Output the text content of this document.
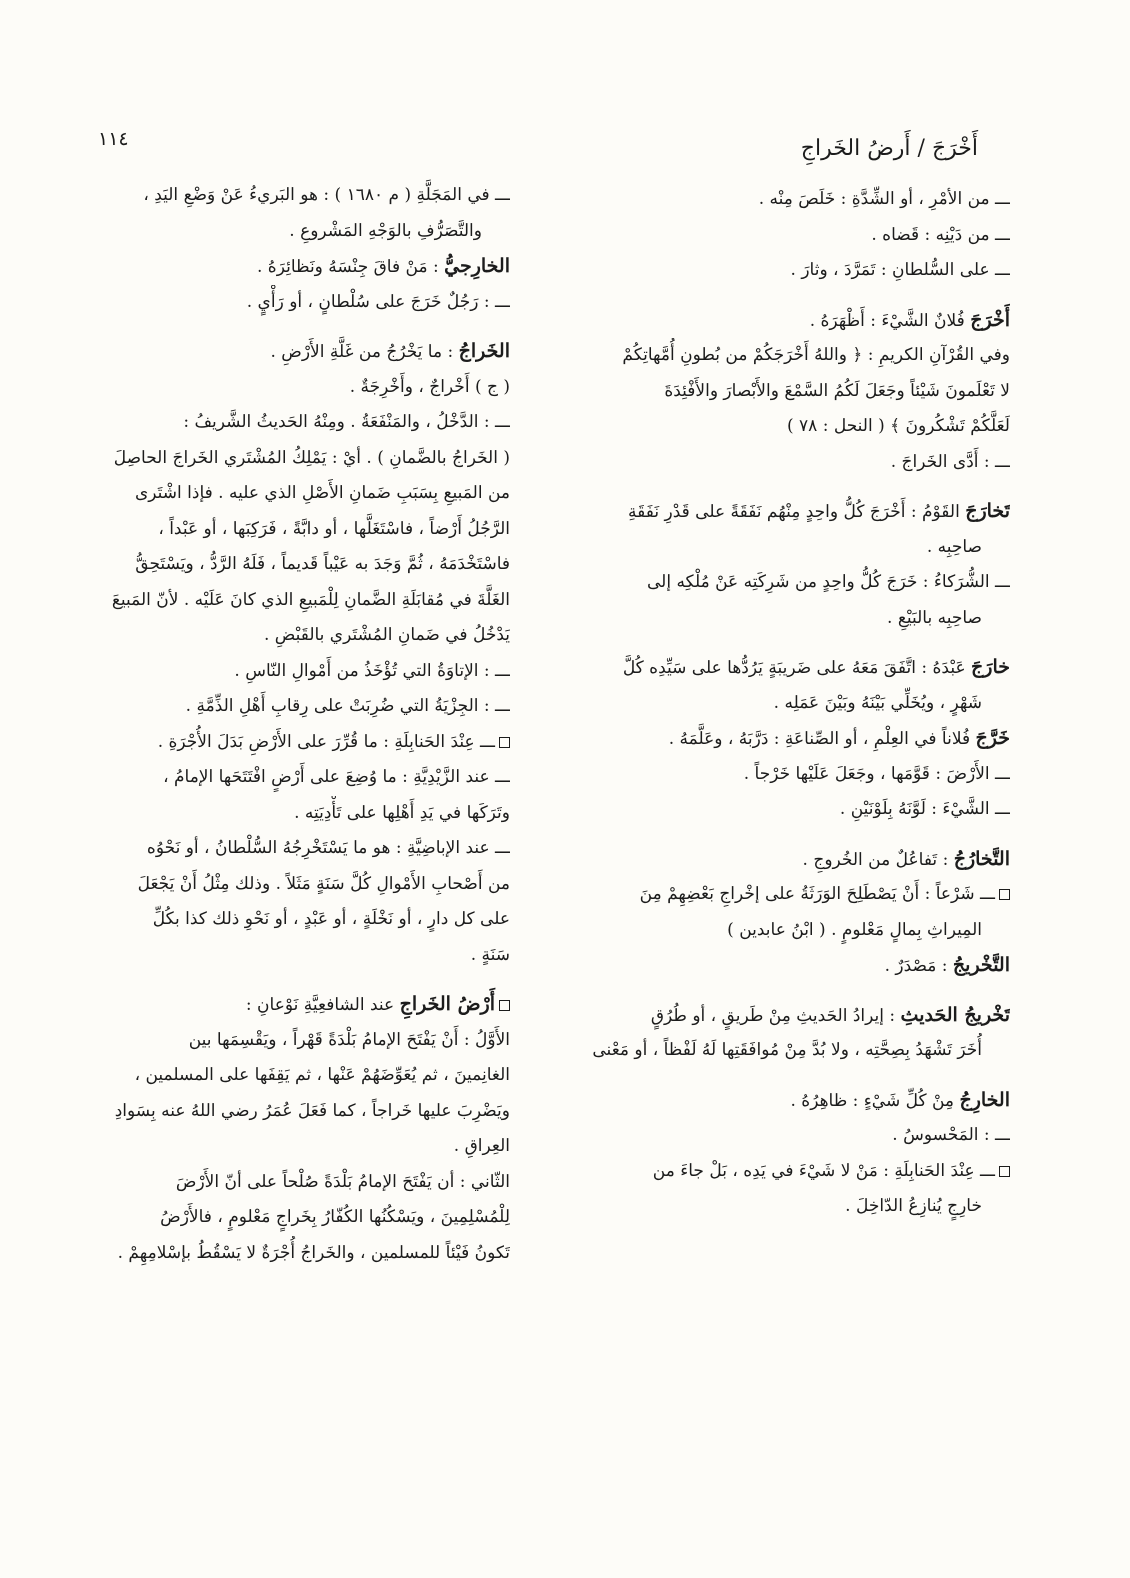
١١٤	أَخْرَجَ / أَرضُ الخَراجِ
ـــ من الأمْرِ ، أو الشِّدَّةِ : خَلَصَ مِنْه .
ـــ من دَيْنِه : قَضاه .
ـــ على السُّلطانِ : تَمَرَّدَ ، وثارَ .
أَخْرَجَ فُلانٌ الشَّيْءَ : أَظْهَرَهُ .
وفي القُرْآنِ الكريمِ : ﴿ واللهُ أَخْرَجَكُمْ من بُطونِ أُمَّهاتِكُمْ
لا تَعْلَمونَ شَيْئاً وجَعَلَ لَكُمُ السَّمْعَ والأَبْصارَ والأَفْئِدَةَ
لَعَلَّكُمْ تَشْكُرونَ ﴾ ( النحل : ٧٨ )
ـــ : أَدَّى الخَراجَ .
تَخارَجَ القَوْمُ : أَخْرَجَ كُلُّ واحِدٍ مِنْهُم نَفَقَةً على قَدْرِ نَفَقَةِ
صاحِبِه .
ـــ الشُّرَكاءُ : خَرَجَ كُلُّ واحِدٍ من شَرِكَتِه عَنْ مُلْكِه إلى
صاحِبِه بالبَيْعِ .
خارَجَ عَبْدَهُ : اتَّفَقَ مَعَهُ على ضَريبَةٍ يَرُدُّها على سَيِّدِه كُلَّ
شَهْرٍ ، ويُخَلِّي بَيْنَهُ وبَيْنَ عَمَلِه .
خَرَّجَ فُلاناً في العِلْمِ ، أو الصِّناعَةِ : دَرَّبَهُ ، وعَلَّمَهُ .
ـــ الأَرْضَ : قَوَّمَها ، وجَعَلَ عَلَيْها خَرْجاً .
ـــ الشَّيْءَ : لَوَّنَهُ بِلَوْنَيْنِ .
التَّخارُجُ : تَفاعُلٌ من الخُروجِ .
ـــ شَرْعاً : أَنْ يَصْطَلِحَ الوَرَثَةُ على إخْراجِ بَعْضِهِمْ مِنَ
المِيراثِ بِمالٍ مَعْلومٍ . ( ابْنُ عابدين )
التَّخْريجُ : مَصْدَرٌ .
تَخْريجُ الحَديثِ : إيرادُ الحَديثِ مِنْ طَريقٍ ، أو طُرُقٍ
أُخَرَ تَشْهَدُ بِصِحَّتِه ، ولا بُدَّ مِنْ مُوافَقَتِها لَهُ لَفْظاً ، أو مَعْنى
الخارِجُ مِنْ كُلِّ شَيْءٍ : ظاهِرُهُ .
ـــ : المَحْسوسُ .
ـــ عِنْدَ الحَنابِلَةِ : مَنْ لا شَيْءَ في يَدِه ، بَلْ جاءَ من
خارِجٍ يُنازِعُ الدّاخِلَ .
ـــ في المَجَلَّةِ ( م ١٦٨٠ ) : هو البَريءُ عَنْ وَضْعِ اليَدِ ،
والتَّصَرُّفِ بالوَجْهِ المَشْروعِ .
الخارِجيُّ : مَنْ فاقَ جِنْسَهُ ونَظائِرَهُ .
ـــ : رَجُلٌ خَرَجَ على سُلْطانٍ ، أو رَأْيٍ .
الخَراجُ : ما يَخْرُجُ من غَلَّةِ الأَرْضِ .
( ج ) أَخْراجٌ ، وأَخْرِجَةٌ .
ـــ : الدَّخْلُ ، والمَنْفَعَةُ . ومِنْهُ الحَديثُ الشَّريفُ :
( الخَراجُ بالضَّمانِ ) . أيْ : يَمْلِكُ المُشْتَري الخَراجَ الحاصِلَ
من المَبيعِ بِسَبَبِ ضَمانِ الأَصْلِ الذي عليه . فإذا اشْتَرى
الرَّجُلُ أَرْضاً ، فاسْتَغَلَّها ، أو دابَّةً ، فَرَكِبَها ، أو عَبْداً ،
فاسْتَخْدَمَهُ ، ثُمَّ وَجَدَ به عَيْباً قَديماً ، فَلَهُ الرَّدُّ ، ويَسْتَحِقُّ
الغَلَّةَ في مُقابَلَةِ الضَّمانِ لِلْمَبيعِ الذي كانَ عَلَيْه . لأنّ المَبيعَ
يَدْخُلُ في ضَمانِ المُشْتَري بالقَبْضِ .
ـــ : الإتاوَةُ التي تُؤْخَذُ من أَمْوالِ النّاسِ .
ـــ : الجِزْيَةُ التي ضُرِبَتْ على رِقابِ أَهْلِ الذِّمَّةِ .
ـــ عِنْدَ الحَنابِلَةِ : ما قُرِّرَ على الأَرْضِ بَدَلَ الأُجْرَةِ .
ـــ عند الزَّيْدِيَّةِ : ما وُضِعَ على أَرْضٍ افْتَتَحَها الإمامُ ،
وتَرَكَها في يَدِ أَهْلِها على تَأْدِيَتِه .
ـــ عند الإباضِيَّةِ : هو ما يَسْتَخْرِجُهُ السُّلْطانُ ، أو نَحْوُه
من أَصْحابِ الأَمْوالِ كُلَّ سَنَةٍ مَثَلاً . وذلك مِثْلُ أَنْ يَجْعَلَ
على كل دارٍ ، أو نَخْلَةٍ ، أو عَبْدٍ ، أو نَحْوِ ذلك كذا بكُلِّ
سَنَةٍ .
أَرْضُ الخَراجِ عند الشافعِيَّةِ نَوْعانِ :
الأَوَّلُ : أَنْ يَفْتَحَ الإمامُ بَلْدَةً قَهْراً ، ويَقْسِمَها بين
الغانِمينَ ، ثم يُعَوِّضَهُمْ عَنْها ، ثم يَقِفَها على المسلمين ،
ويَضْرِبَ عليها خَراجاً ، كما فَعَلَ عُمَرُ رضي اللهُ عنه بِسَوادِ
العِراقِ .
الثّاني : أن يَفْتَحَ الإمامُ بَلْدَةً صُلْحاً على أنّ الأَرْضَ
لِلْمُسْلِمِينَ ، ويَسْكُنُها الكُفّارُ بِخَراجٍ مَعْلومٍ ، فالأَرْضُ
تَكونُ فَيْئاً للمسلمين ، والخَراجُ أُجْرَةٌ لا يَسْقُطُ بإسْلامِهِمْ .
